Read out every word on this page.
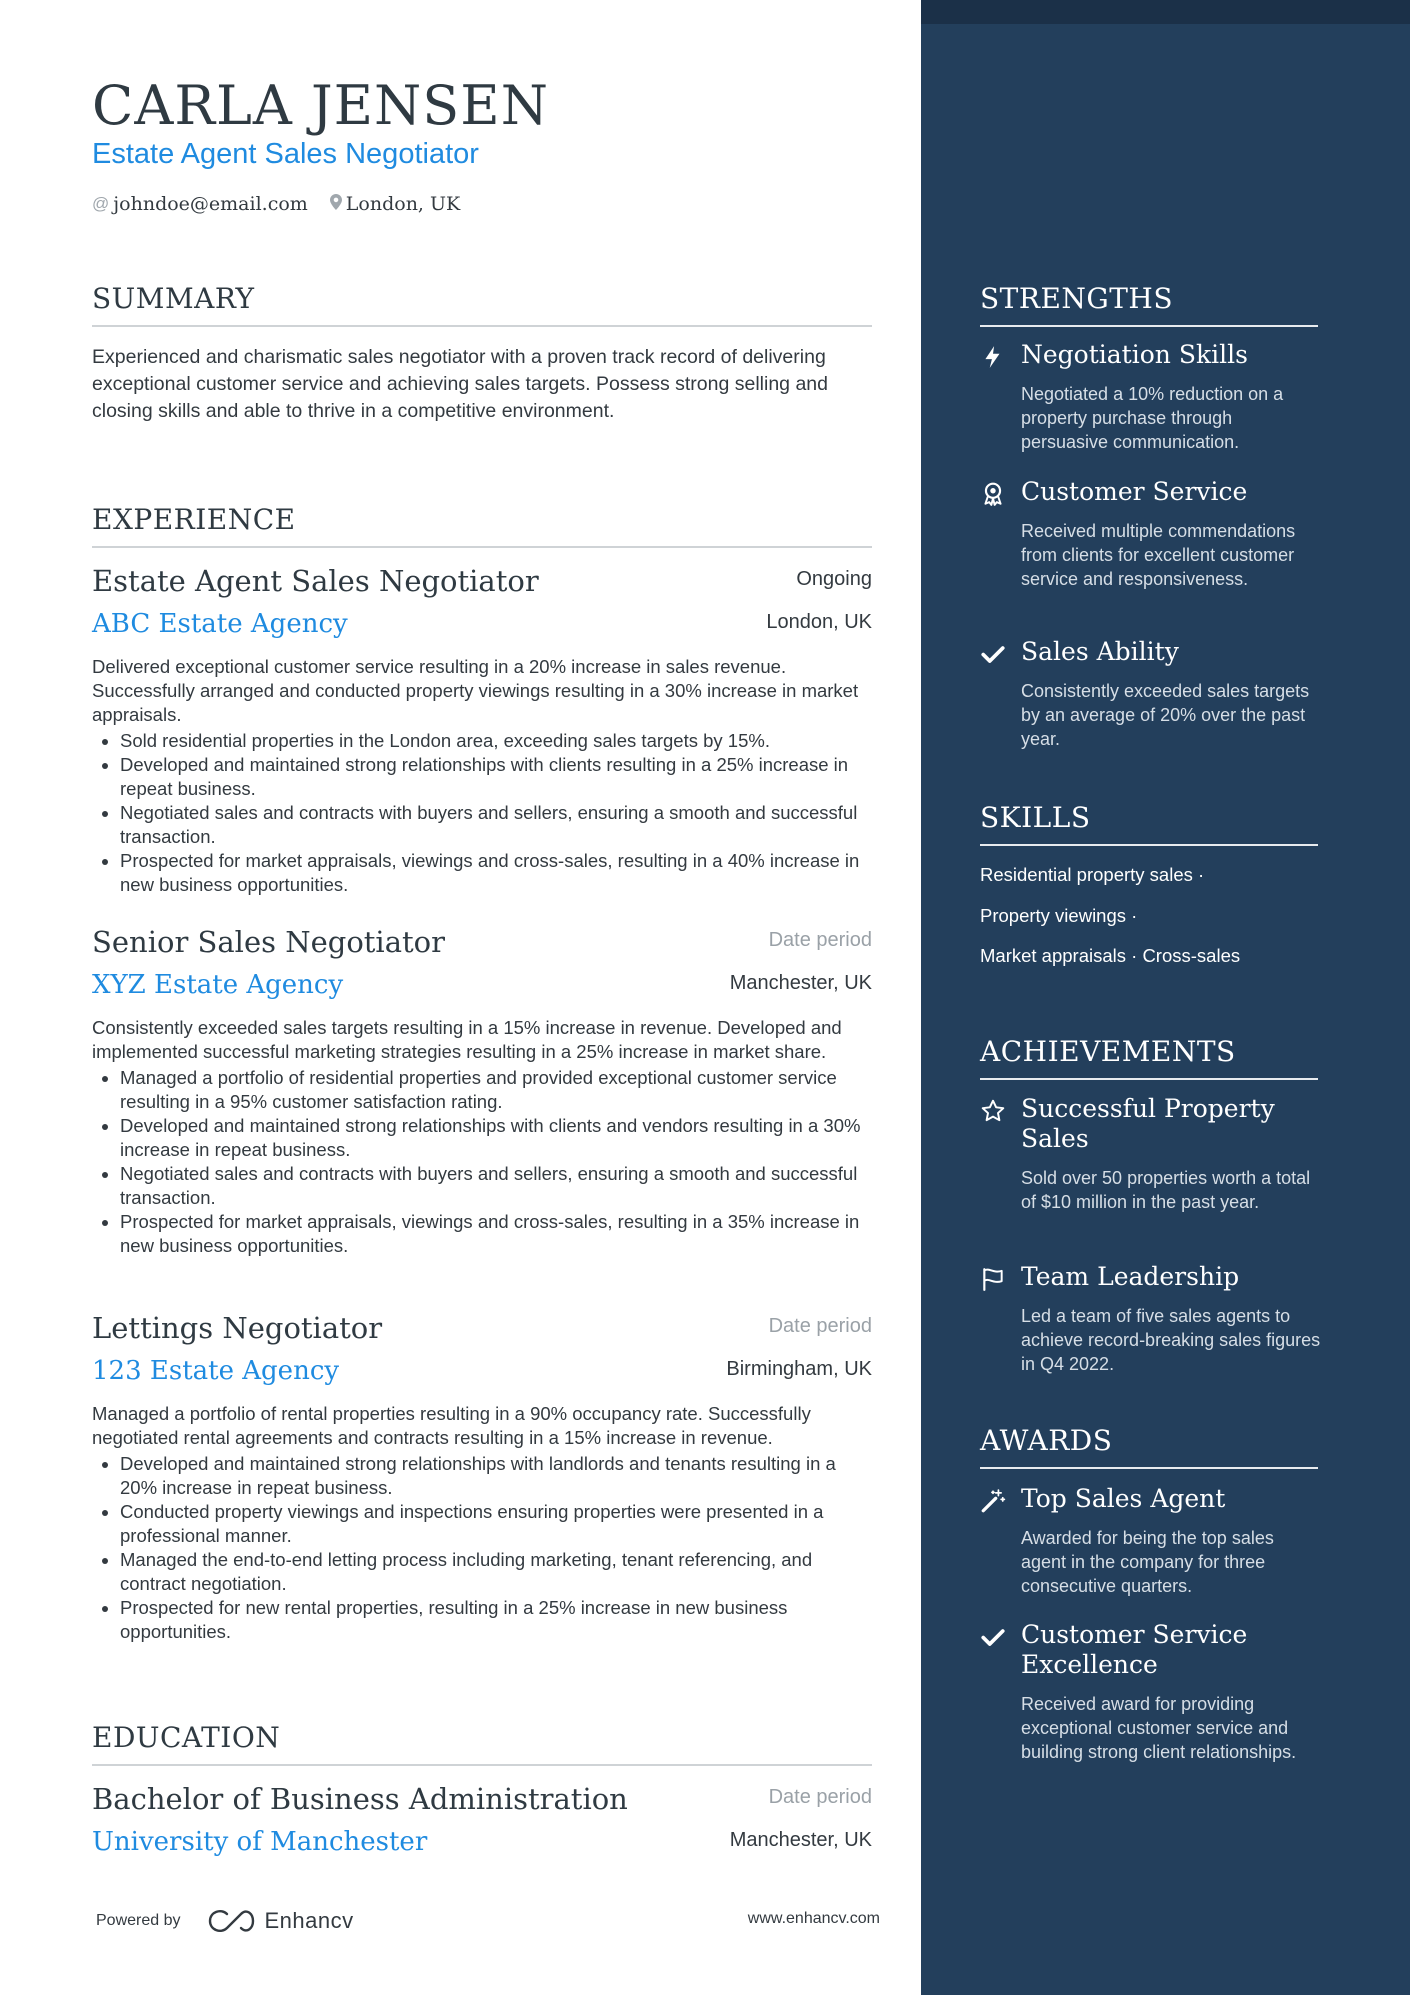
CARLA JENSEN
Estate Agent Sales Negotiator
@ johndoe@email.com London, UK
SUMMARY
Experienced and charismatic sales negotiator with a proven track record of delivering exceptional customer service and achieving sales targets. Possess strong selling and closing skills and able to thrive in a competitive environment.
EXPERIENCE
Estate Agent Sales Negotiator	Ongoing
ABC Estate Agency	London, UK

Delivered exceptional customer service resulting in a 20% increase in sales revenue. Successfully arranged and conducted property viewings resulting in a 30% increase in market appraisals.

• Sold residential properties in the London area, exceeding sales targets by 15%.
• Developed and maintained strong relationships with clients resulting in a 25% increase in repeat business.
• Negotiated sales and contracts with buyers and sellers, ensuring a smooth and successful transaction.
• Prospected for market appraisals, viewings and cross-sales, resulting in a 40% increase in new business opportunities.
Senior Sales Negotiator	Date period
XYZ Estate Agency	Manchester, UK

Consistently exceeded sales targets resulting in a 15% increase in revenue. Developed and implemented successful marketing strategies resulting in a 25% increase in market share.

• Managed a portfolio of residential properties and provided exceptional customer service resulting in a 95% customer satisfaction rating.
• Developed and maintained strong relationships with clients and vendors resulting in a 30% increase in repeat business.
• Negotiated sales and contracts with buyers and sellers, ensuring a smooth and successful transaction.
• Prospected for market appraisals, viewings and cross-sales, resulting in a 35% increase in new business opportunities.
Lettings Negotiator	Date period
123 Estate Agency	Birmingham, UK

Managed a portfolio of rental properties resulting in a 90% occupancy rate. Successfully negotiated rental agreements and contracts resulting in a 15% increase in revenue.

• Developed and maintained strong relationships with landlords and tenants resulting in a 20% increase in repeat business.
• Conducted property viewings and inspections ensuring properties were presented in a professional manner.
• Managed the end-to-end letting process including marketing, tenant referencing, and contract negotiation.
• Prospected for new rental properties, resulting in a 25% increase in new business opportunities.
EDUCATION
Bachelor of Business Administration	Date period
University of Manchester	Manchester, UK
Powered by	Enhancv	www.enhancv.com
STRENGTHS
Negotiation Skills
Negotiated a 10% reduction on a property purchase through persuasive communication.
Customer Service
Received multiple commendations from clients for excellent customer service and responsiveness.
Sales Ability
Consistently exceeded sales targets by an average of 20% over the past year.
SKILLS
Residential property sales ·
Property viewings ·
Market appraisals · Cross-sales
ACHIEVEMENTS
Successful Property Sales
Sold over 50 properties worth a total of $10 million in the past year.
Team Leadership
Led a team of five sales agents to achieve record-breaking sales figures in Q4 2022.
AWARDS
Top Sales Agent
Awarded for being the top sales agent in the company for three consecutive quarters.
Customer Service Excellence
Received award for providing exceptional customer service and building strong client relationships.
